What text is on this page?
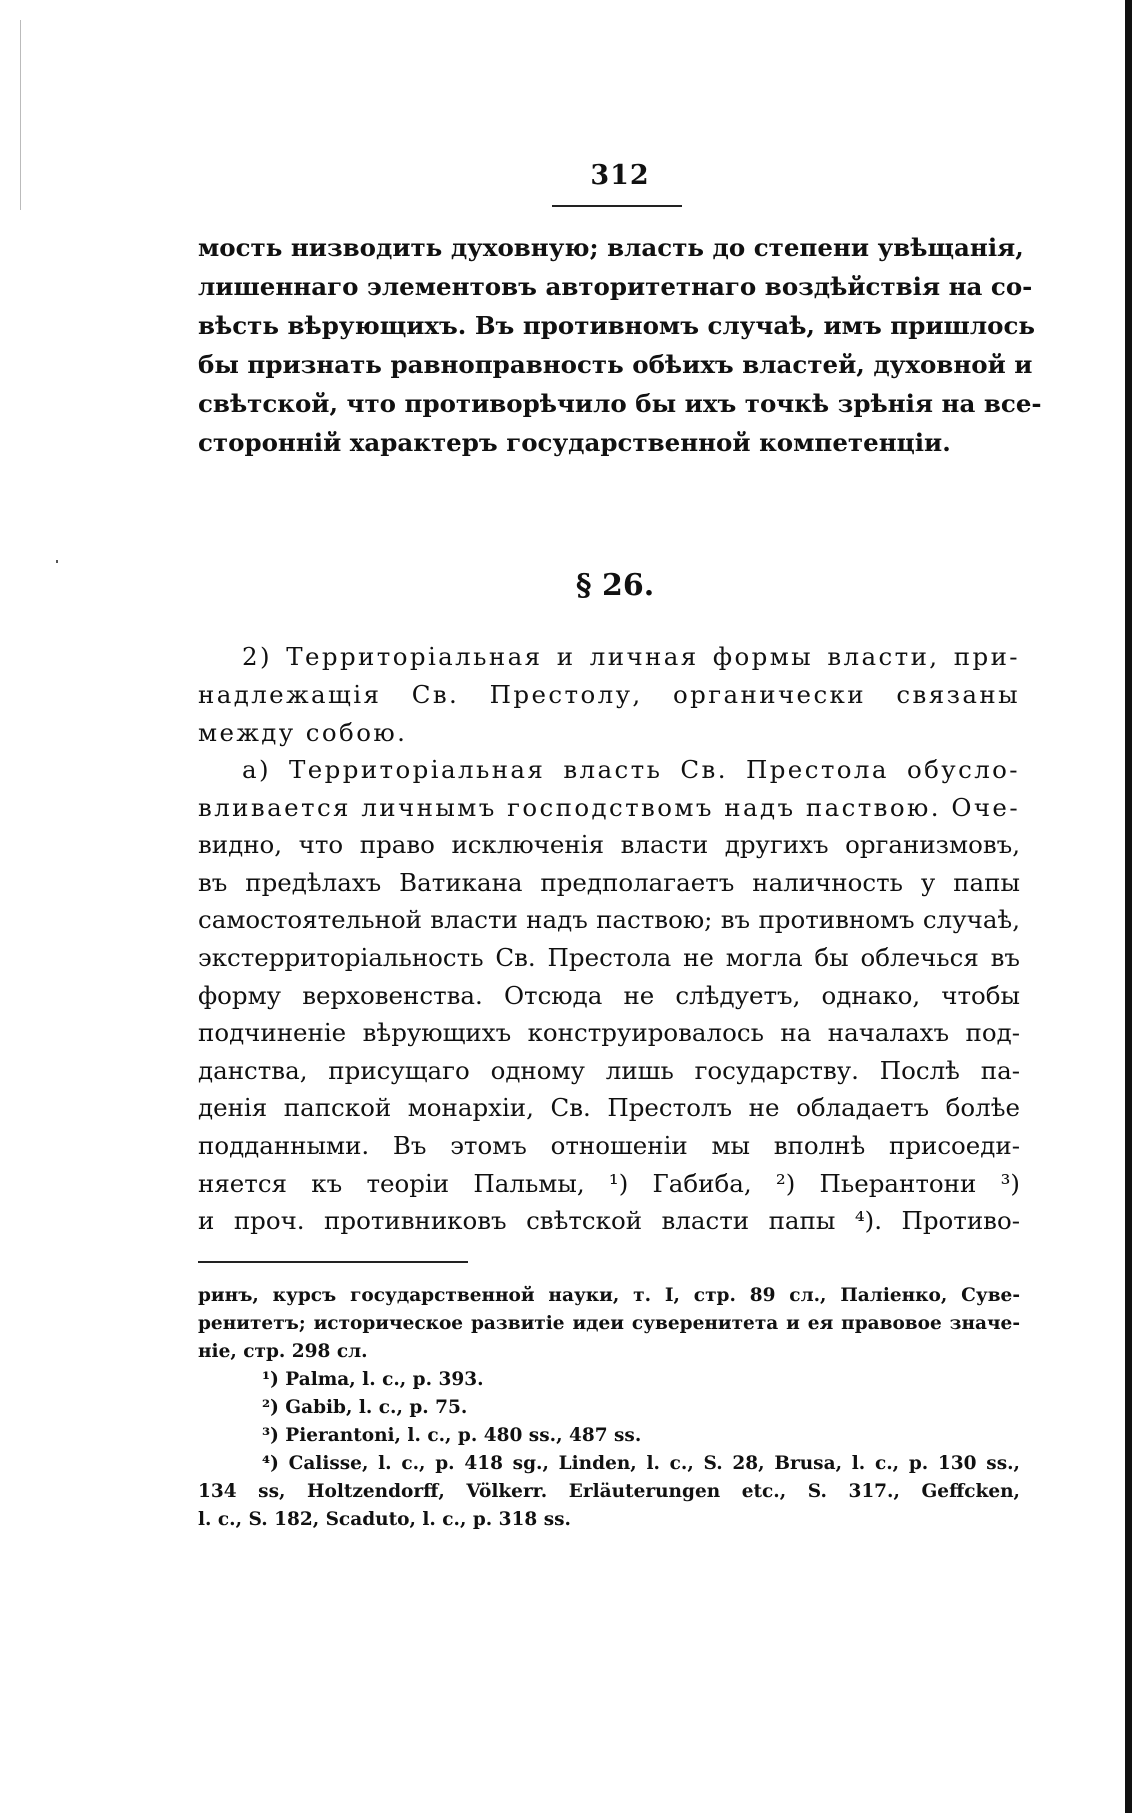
312
мость низводить духовную; власть до степени увѣщанія,
лишеннаго элементовъ авторитетнаго воздѣйствія на со-
вѣсть вѣрующихъ. Въ противномъ случаѣ, имъ пришлось
бы признать равноправность обѣихъ властей, духовной и
свѣтской, что противорѣчило бы ихъ точкѣ зрѣнія на все-
сторонній характеръ государственной компетенціи.
§ 26.
2) Территоріальная и личная формы власти, при-
надлежащія Св. Престолу, органически связаны
между собою.
а) Территоріальная власть Св. Престола обусло-
вливается личнымъ господствомъ надъ паствою. Оче-
видно, что право исключенія власти другихъ организмовъ,
въ предѣлахъ Ватикана предполагаетъ наличность у папы
самостоятельной власти надъ паствою; въ противномъ случаѣ,
экстерриторіальность Св. Престола не могла бы облечься въ
форму верховенства. Отсюда не слѣдуетъ, однако, чтобы
подчиненіе вѣрующихъ конструировалось на началахъ под-
данства, присущаго одному лишь государству. Послѣ па-
денія папской монархіи, Св. Престолъ не обладаетъ болѣе
подданными. Въ этомъ отношеніи мы вполнѣ присоеди-
няется къ теоріи Пальмы, ¹) Габиба, ²) Пьерантони ³)
и проч. противниковъ свѣтской власти папы ⁴). Противо-
ринъ, курсъ государственной науки, т. I, стр. 89 сл., Паліенко, Суве-
ренитетъ; историческое развитіе идеи суверенитета и ея правовое значе-
ніе, стр. 298 сл.
¹) Palma, l. c., p. 393.
²) Gabib, l. c., p. 75.
³) Pierantoni, l. c., p. 480 ss., 487 ss.
⁴) Calisse, l. c., p. 418 sg., Linden, l. c., S. 28, Brusa, l. c., p. 130 ss.,
134 ss, Holtzendorff, Völkerr. Erläuterungen etc., S. 317., Geffcken,
l. c., S. 182, Scaduto, l. c., p. 318 ss.
